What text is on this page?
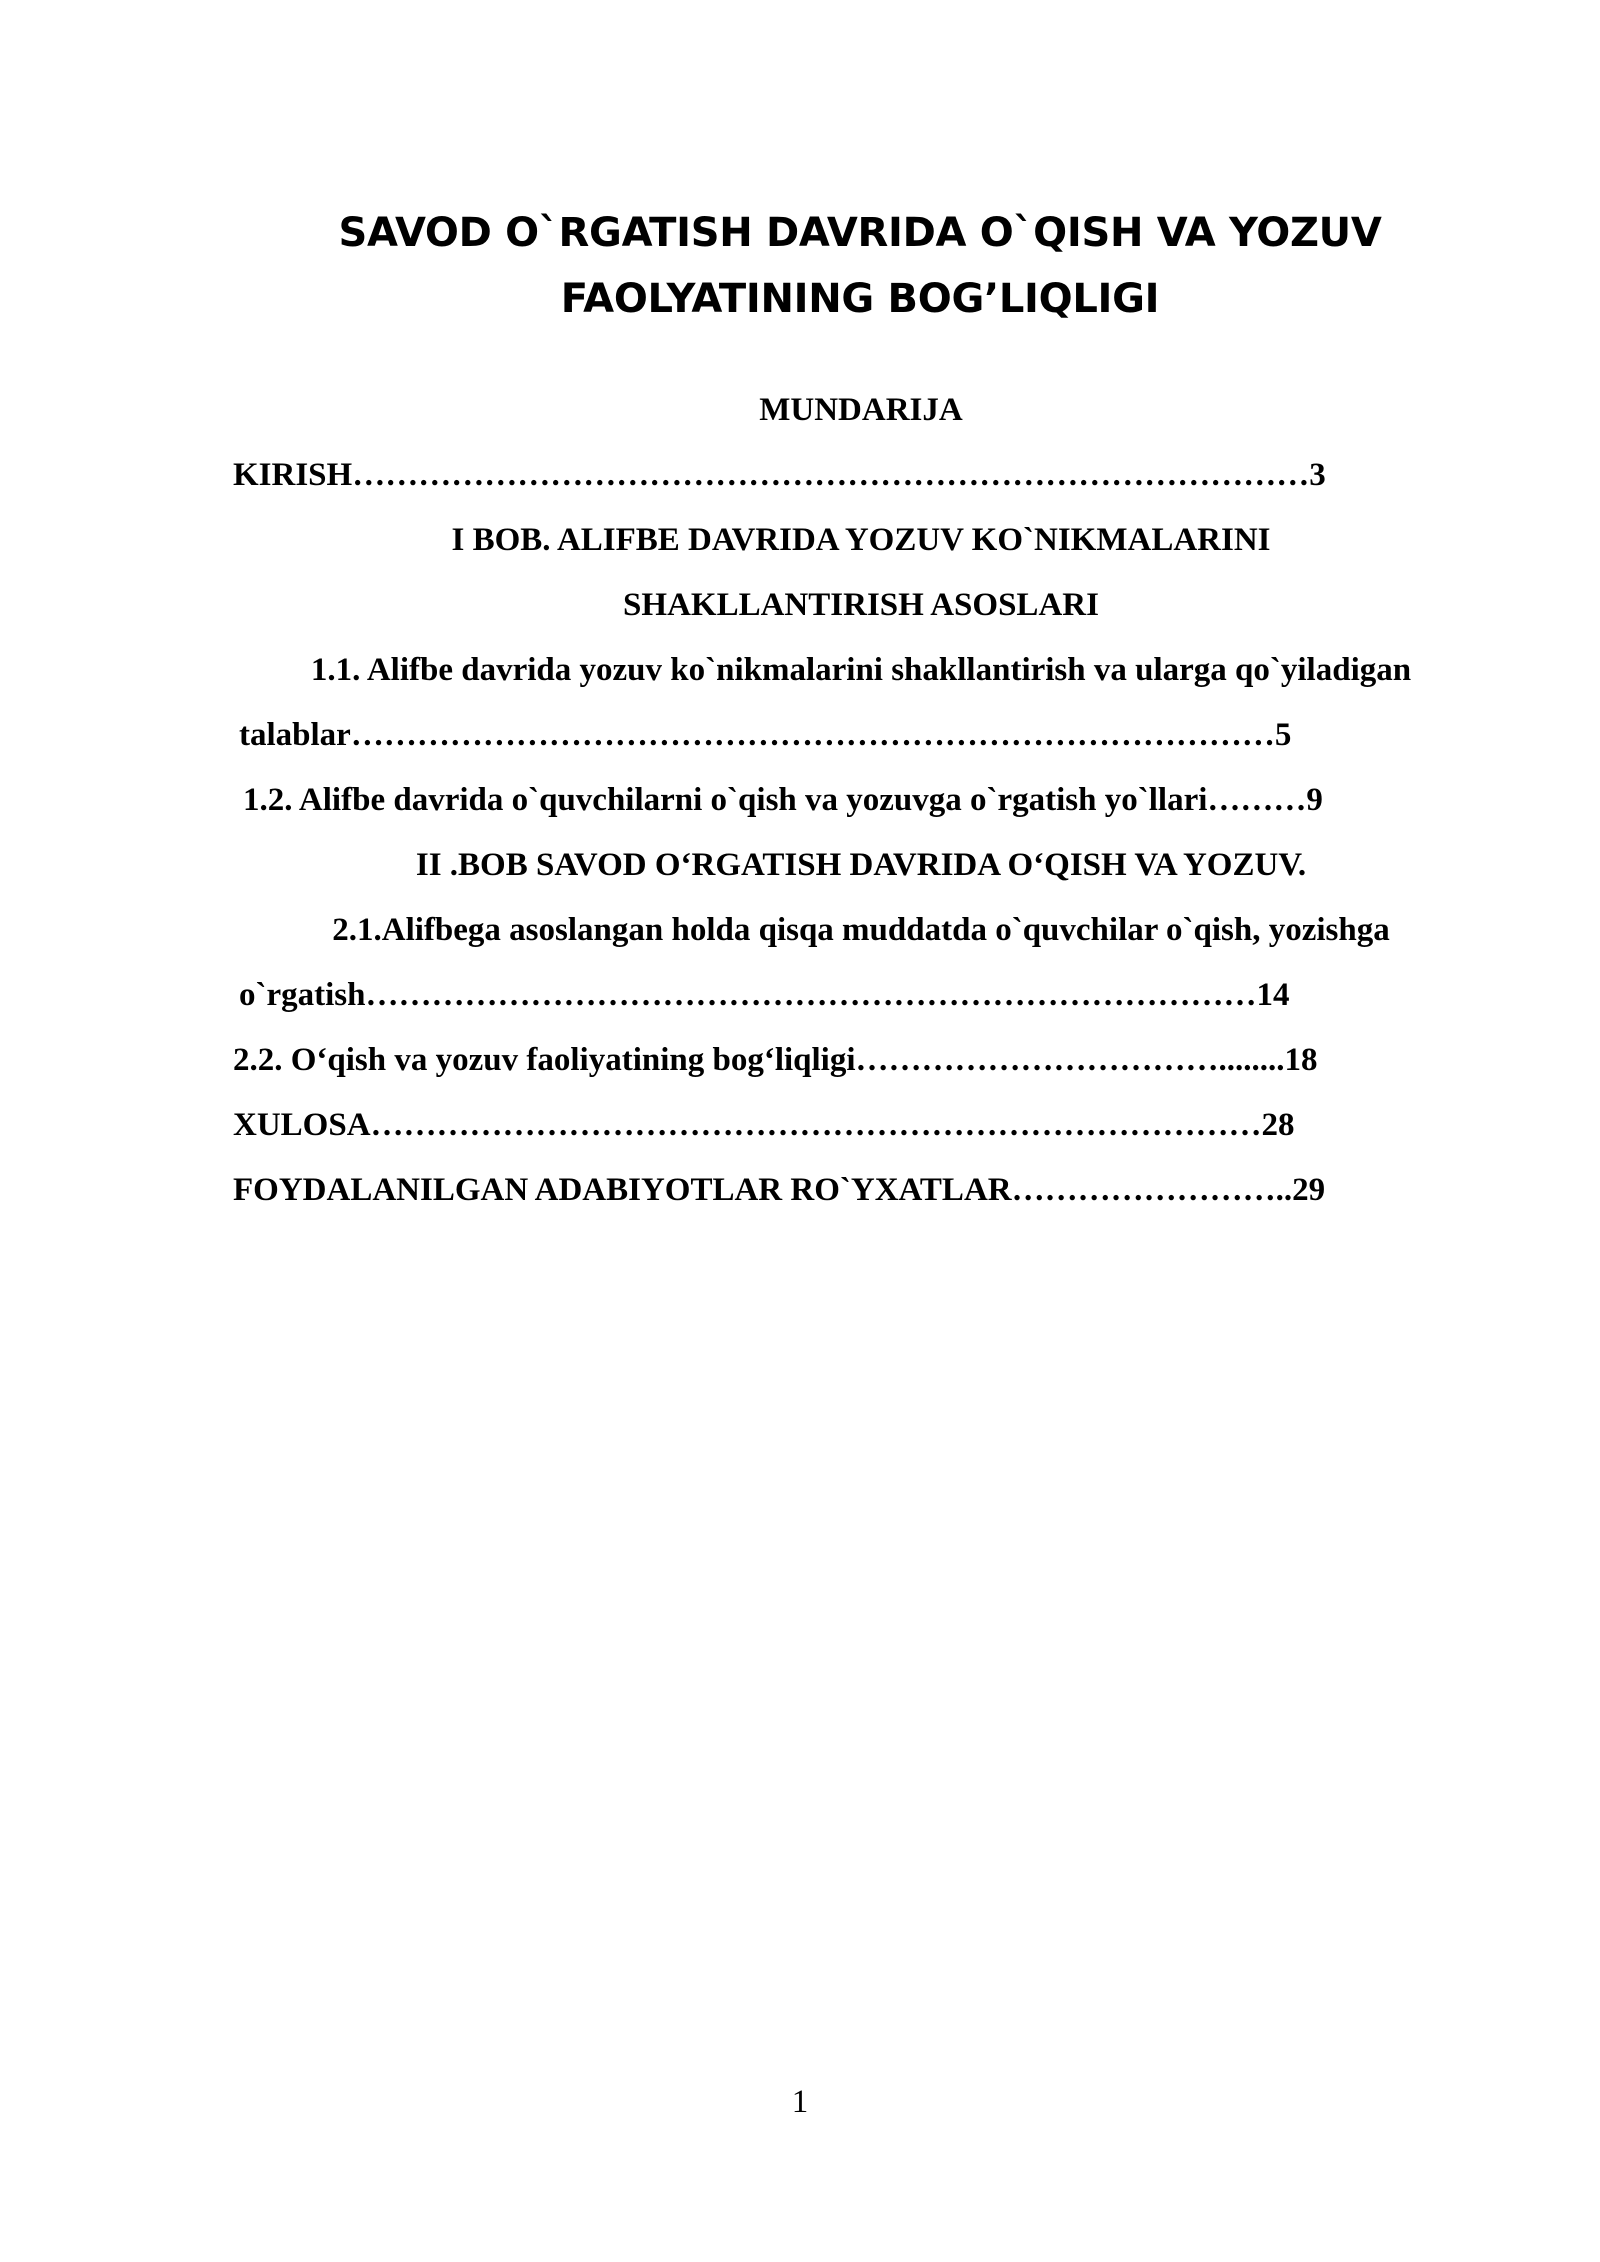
SAVOD O`RGATISH DAVRIDA O`QISH VA YOZUV
FAOLYATINING BOG’LIQLIGI
MUNDARIJA
KIRISH……………………………………………………………………………3
I BOB. ALIFBE DAVRIDA YOZUV KO`NIKMALARINI
SHAKLLANTIRISH ASOSLARI
1.1. Alifbe davrida yozuv ko`nikmalarini shakllantirish va ularga qo`yiladigan
talablar…………………………………………………………………………5
1.2. Alifbe davrida o`quvchilarni o`qish va yozuvga o`rgatish yo`llari………9
II .BOB SAVOD O‘RGATISH DAVRIDA O‘QISH VA YOZUV.
2.1.Alifbega asoslangan holda qisqa muddatda o`quvchilar o`qish, yozishga
o`rgatish………………………………………………………………………14
2.2. O‘qish va yozuv faoliyatining bog‘liqligi……………………………........18
XULOSA………………………………………………………………………28
FOYDALANILGAN ADABIYOTLAR RO`YXATLAR……………………..29
1
